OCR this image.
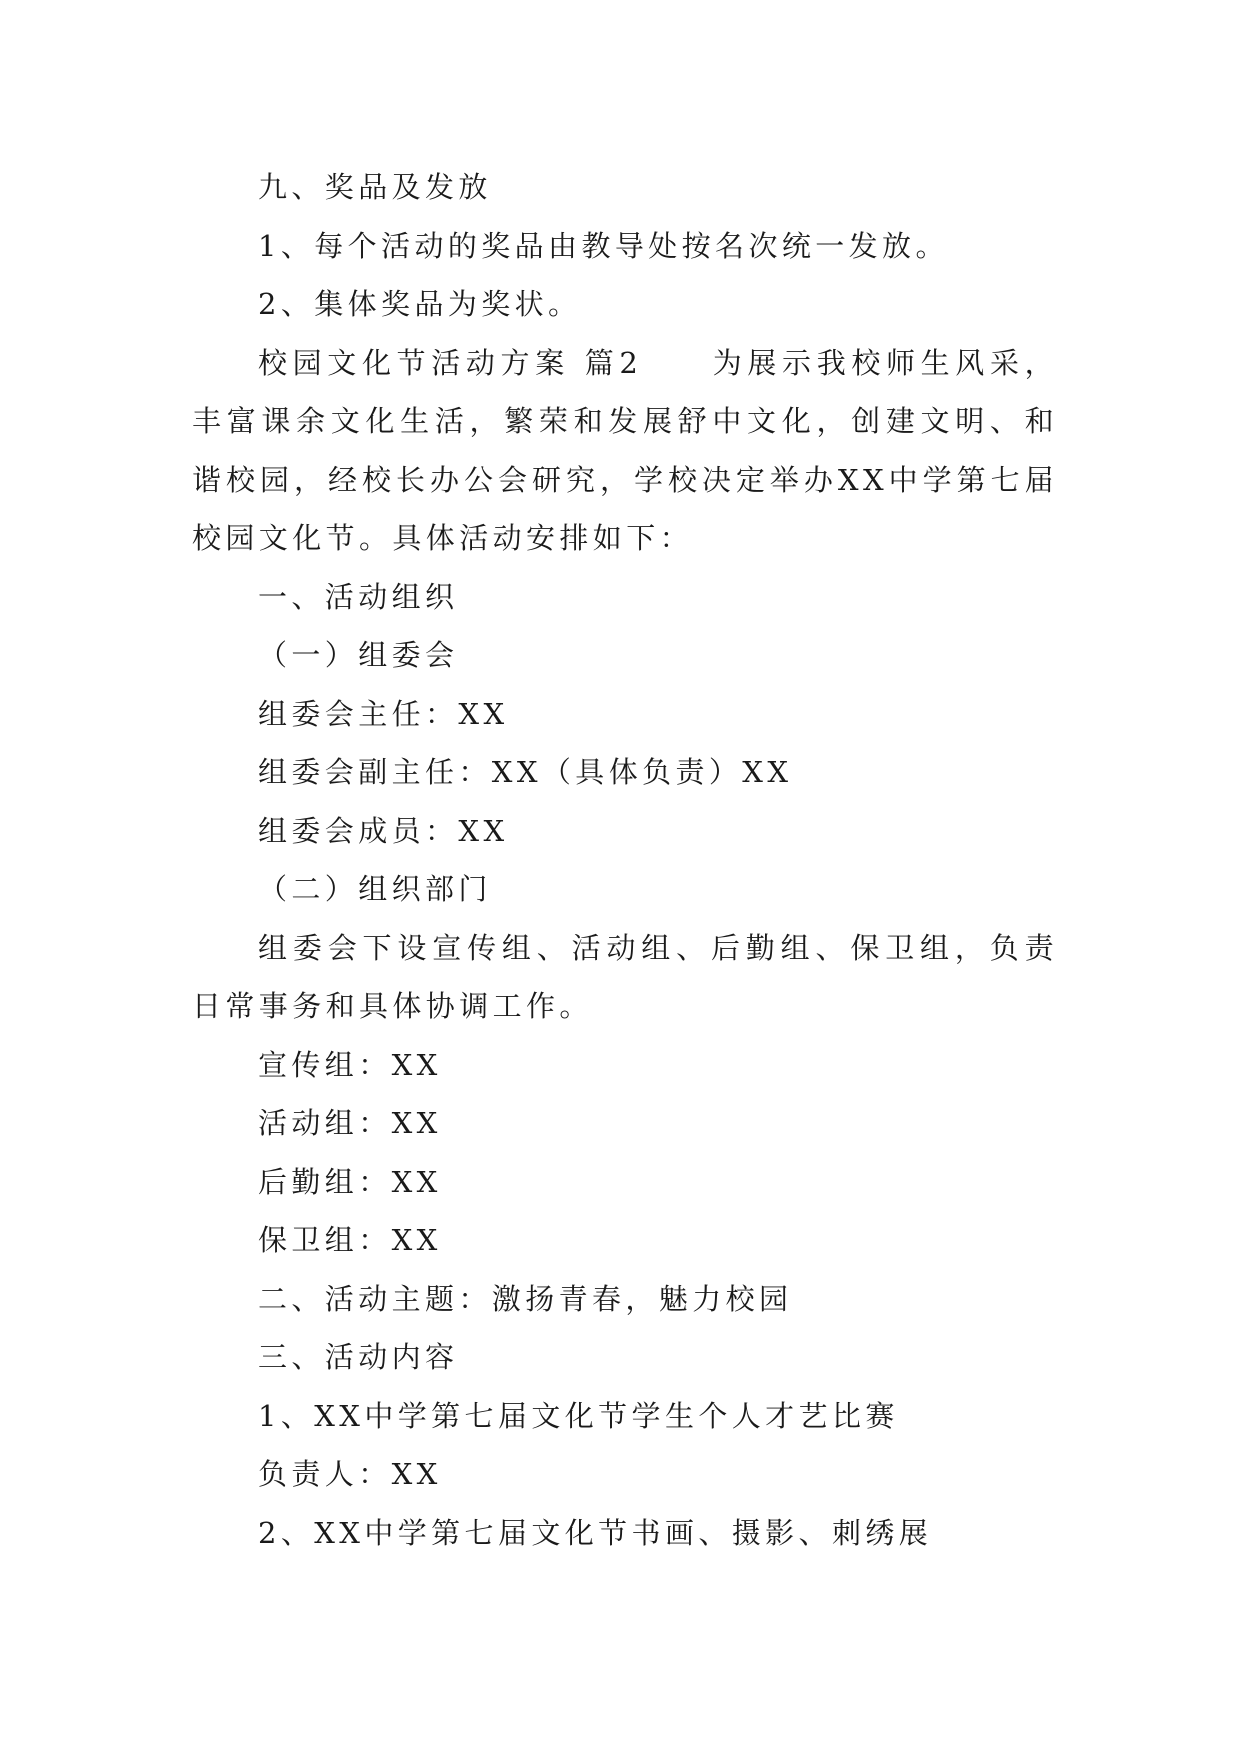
九、奖品及发放

1、每个活动的奖品由教导处按名次统一发放。

2、集体奖品为奖状。

校园文化节活动方案 篇2　　为展示我校师生风采，丰富课余文化生活，繁荣和发展舒中文化，创建文明、和谐校园，经校长办公会研究，学校决定举办XX中学第七届校园文化节。具体活动安排如下：

一、活动组织

（一）组委会

组委会主任：XX

组委会副主任：XX（具体负责）XX

组委会成员：XX

（二）组织部门

组委会下设宣传组、活动组、后勤组、保卫组，负责日常事务和具体协调工作。

宣传组：XX

活动组：XX

后勤组：XX

保卫组：XX

二、活动主题：激扬青春，魅力校园

三、活动内容

1、XX中学第七届文化节学生个人才艺比赛

负责人：XX

2、XX中学第七届文化节书画、摄影、刺绣展
